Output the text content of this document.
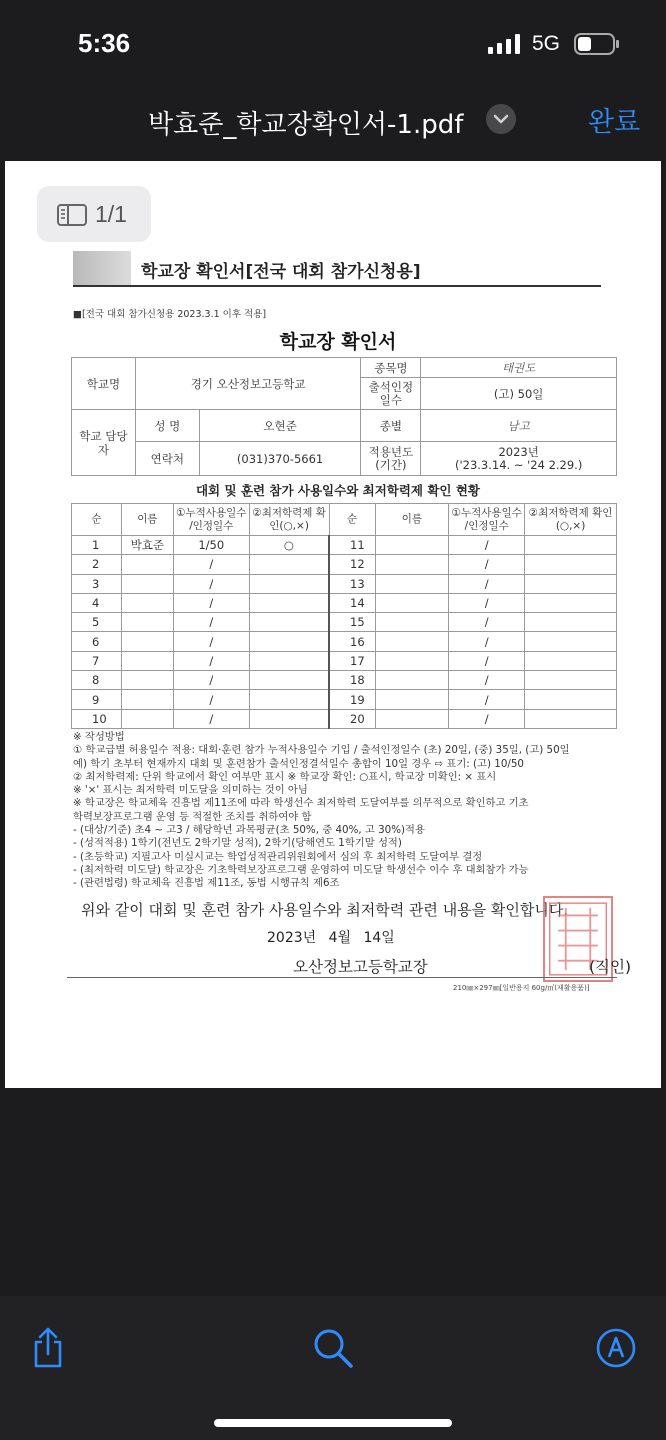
5:36	5G
박효준_학교장확인서-1.pdf	완료
1/1
학교장 확인서[전국 대회 참가신청용]
■[전국 대회 참가신청용 2023.3.1 이후 적용]
학교장 확인서
학교명	경기 오산정보고등학교		종목명	태권도
			출석인정 일수	(고) 50일
학교 담당자	성 명	오현준	종별	남고
	연락처	(031)370-5661	적용년도 (기간)	2023년
('23.3.14. ~ '24 2.29.)
대회 및 훈련 참가 사용일수와 최저학력제 확인 현황
순	이름	①누적사용일수 /인정일수	②최저학력제 확인(○,×)	순	이름	①누적사용일수 /인정일수	②최저학력제 확인(○,×)
1	박효준	1/50	○	11		/	
2		/		12		/	
3		/		13		/	
4		/		14		/	
5		/		15		/	
6		/		16		/	
7		/		17		/	
8		/		18		/	
9		/		19		/	
10		/		20		/	
※ 작성방법
① 학교급별 허용일수 적용: 대회·훈련 참가 누적사용일수 기입 / 출석인정일수 (초) 20일, (중) 35일, (고) 50일
예) 학기 초부터 현재까지 대회 및 훈련참가 출석인정결석일수 총합이 10일 경우 ⇨ 표기: (고) 10/50
② 최저학력제: 단위 학교에서 확인 여부만 표시 ※ 학교장 확인: ○표시, 학교장 미확인: × 표시
※ '×' 표시는 최저학력 미도달을 의미하는 것이 아님
※ 학교장은 학교체육 진흥법 제11조에 따라 학생선수 최저학력 도달여부를 의무적으로 확인하고 기초
학력보장프로그램 운영 등 적절한 조치를 취하여야 함
- (대상/기준) 초4 ~ 고3 / 해당학년 과목평균(초 50%, 중 40%, 고 30%)적용
- (성적적용) 1학기(전년도 2학기말 성적), 2학기(당해연도 1학기말 성적)
- (초등학교) 지필고사 미실시교는 학업성적관리위원회에서 심의 후 최저학력 도달여부 결정
- (최저학력 미도달) 학교장은 기초학력보장프로그램 운영하여 미도달 학생선수 이수 후 대회참가 가능
- (관련법령) 학교체육 진흥법 제11조, 동법 시행규칙 제6조
위와 같이 대회 및 훈련 참가 사용일수와 최저학력 관련 내용을 확인합니다.
2023년 4월 14일
오산정보고등학교장	(직인)
210㎜×297㎜[일반용지 60g/㎡(재활용품)]
